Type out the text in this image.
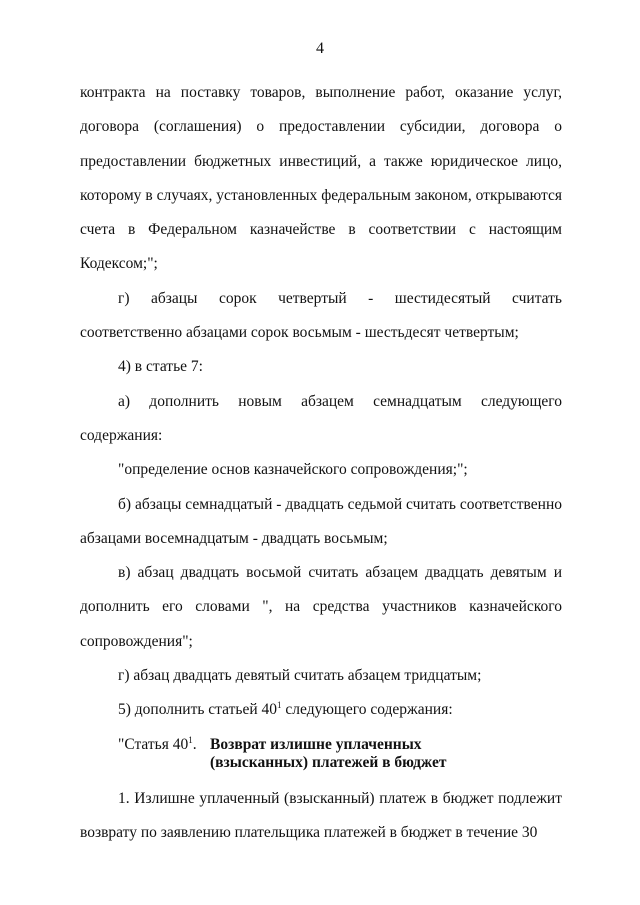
4

контракта на поставку товаров, выполнение работ, оказание услуг, договора (соглашения) о предоставлении субсидии, договора о предоставлении бюджетных инвестиций, а также юридическое лицо, которому в случаях, установленных федеральным законом, открываются счета в Федеральном казначействе в соответствии с настоящим Кодексом;";

г) абзацы сорок четвертый - шестидесятый считать соответственно абзацами сорок восьмым - шестьдесят четвертым;

4) в статье 7:

а) дополнить новым абзацем семнадцатым следующего содержания:

"определение основ казначейского сопровождения;";

б) абзацы семнадцатый - двадцать седьмой считать соответственно абзацами восемнадцатым - двадцать восьмым;

в) абзац двадцать восьмой считать абзацем двадцать девятым и дополнить его словами ", на средства участников казначейского сопровождения";

г) абзац двадцать девятый считать абзацем тридцатым;

5) дополнить статьей $40^1$ следующего содержания:

"Статья $40^1$. Возврат излишне уплаченных (взысканных) платежей в бюджет

1. Излишне уплаченный (взысканный) платеж в бюджет подлежит возврату по заявлению плательщика платежей в бюджет в течение 30
